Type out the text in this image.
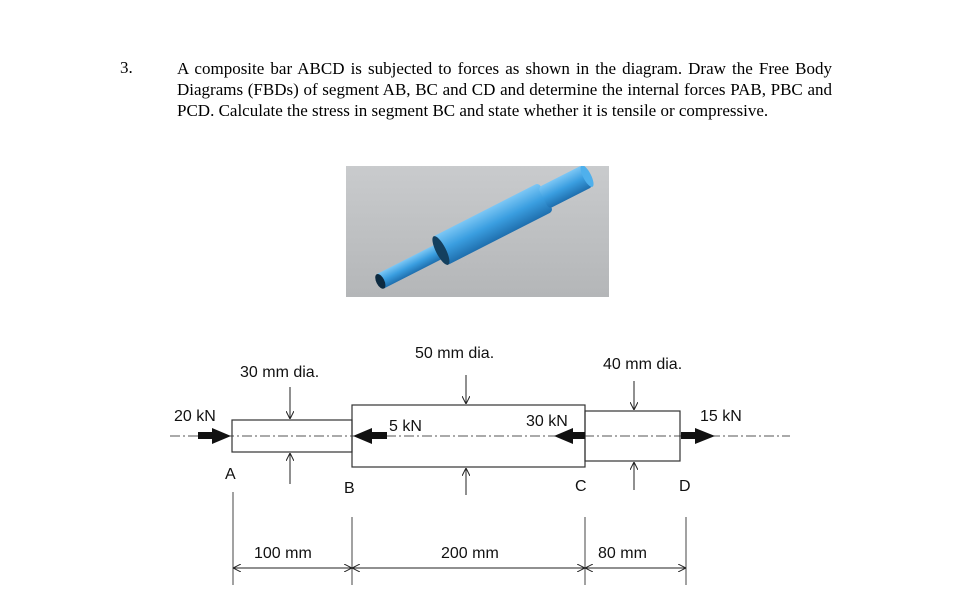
3.	A composite bar ABCD is subjected to forces as shown in the diagram. Draw the Free Body Diagrams (FBDs) of segment AB, BC and CD and determine the internal forces PAB, PBC and PCD. Calculate the stress in segment BC and state whether it is tensile or compressive.
30 mm dia.
50 mm dia.
40 mm dia.
20 kN
5 kN	30 kN	15 kN
A
B	C	D
100 mm	200 mm	80 mm
